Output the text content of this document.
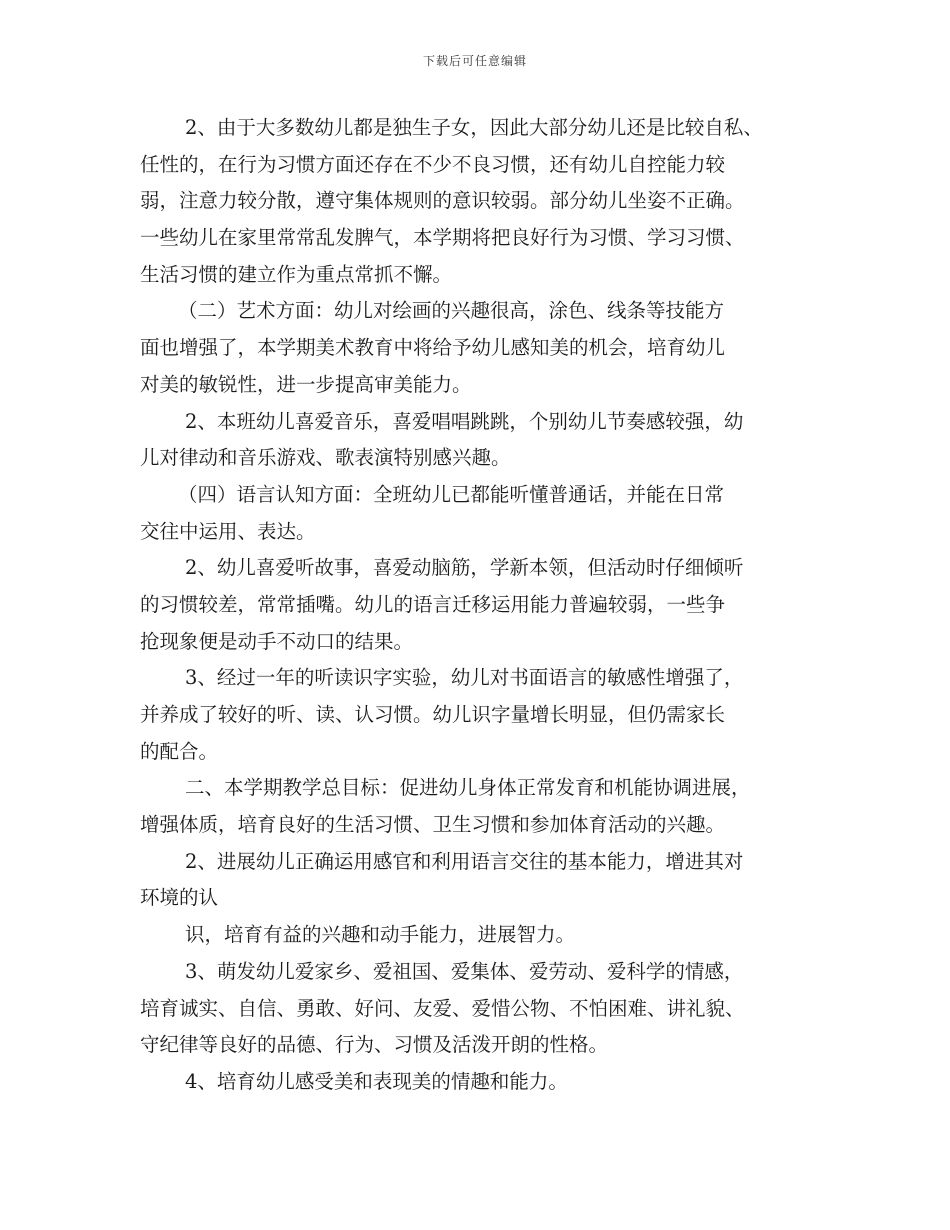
下载后可任意编辑
2、由于大多数幼儿都是独生子女，因此大部分幼儿还是比较自私、
任性的，在行为习惯方面还存在不少不良习惯，还有幼儿自控能力较
弱，注意力较分散，遵守集体规则的意识较弱。部分幼儿坐姿不正确。
一些幼儿在家里常常乱发脾气，本学期将把良好行为习惯、学习习惯、
生活习惯的建立作为重点常抓不懈。
（二）艺术方面：幼儿对绘画的兴趣很高，涂色、线条等技能方
面也增强了，本学期美术教育中将给予幼儿感知美的机会，培育幼儿
对美的敏锐性，进一步提高审美能力。
2、本班幼儿喜爱音乐，喜爱唱唱跳跳，个别幼儿节奏感较强，幼
儿对律动和音乐游戏、歌表演特别感兴趣。
（四）语言认知方面：全班幼儿已都能听懂普通话，并能在日常
交往中运用、表达。
2、幼儿喜爱听故事，喜爱动脑筋，学新本领，但活动时仔细倾听
的习惯较差，常常插嘴。幼儿的语言迁移运用能力普遍较弱，一些争
抢现象便是动手不动口的结果。
3、经过一年的听读识字实验，幼儿对书面语言的敏感性增强了，
并养成了较好的听、读、认习惯。幼儿识字量增长明显，但仍需家长
的配合。
二、本学期教学总目标：促进幼儿身体正常发育和机能协调进展，
增强体质，培育良好的生活习惯、卫生习惯和参加体育活动的兴趣。
2、进展幼儿正确运用感官和利用语言交往的基本能力，增进其对
环境的认
识，培育有益的兴趣和动手能力，进展智力。
3、萌发幼儿爱家乡、爱祖国、爱集体、爱劳动、爱科学的情感，
培育诚实、自信、勇敢、好问、友爱、爱惜公物、不怕困难、讲礼貌、
守纪律等良好的品德、行为、习惯及活泼开朗的性格。
4、培育幼儿感受美和表现美的情趣和能力。
